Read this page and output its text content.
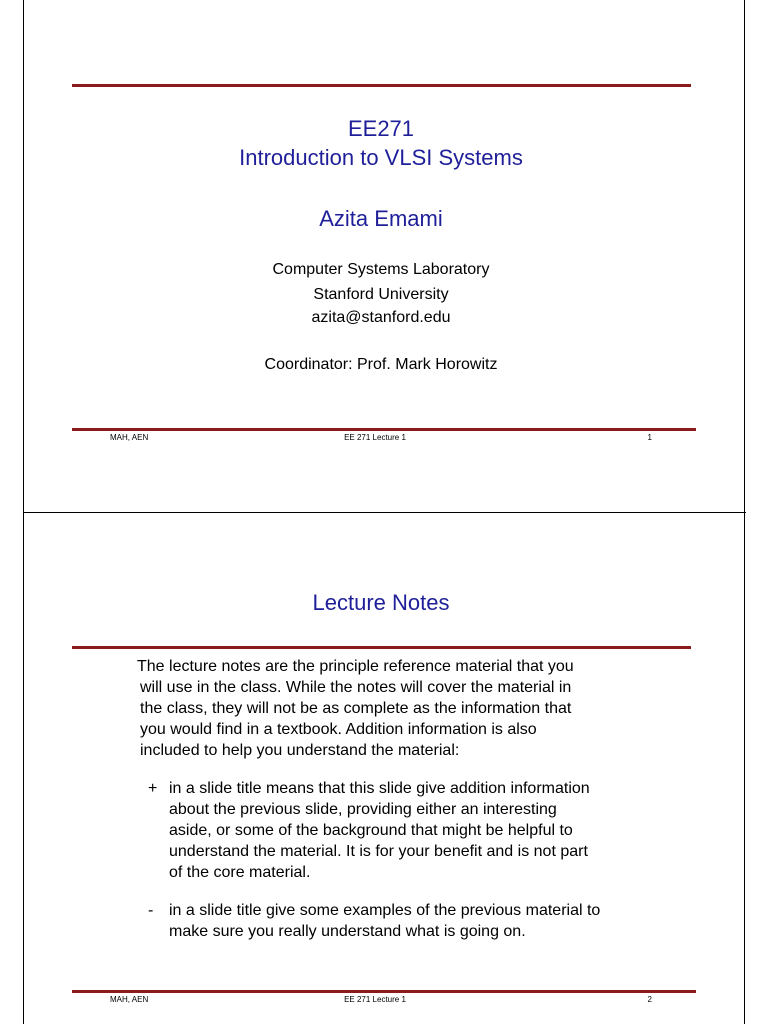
EE271
Introduction to VLSI Systems
Azita Emami
Computer Systems Laboratory
Stanford University
azita@stanford.edu
Coordinator: Prof. Mark Horowitz
MAH, AEN	EE 271 Lecture 1	1
Lecture Notes
The lecture notes are the principle reference material that you
will use in the class. While the notes will cover the material in
the class, they will not be as complete as the information that
you would find in a textbook. Addition information is also
included to help you understand the material:
+ in a slide title means that this slide give addition information
about the previous slide, providing either an interesting
aside, or some of the background that might be helpful to
understand the material. It is for your benefit and is not part
of the core material.
- in a slide title give some examples of the previous material to
make sure you really understand what is going on.
MAH, AEN	EE 271 Lecture 1	2
